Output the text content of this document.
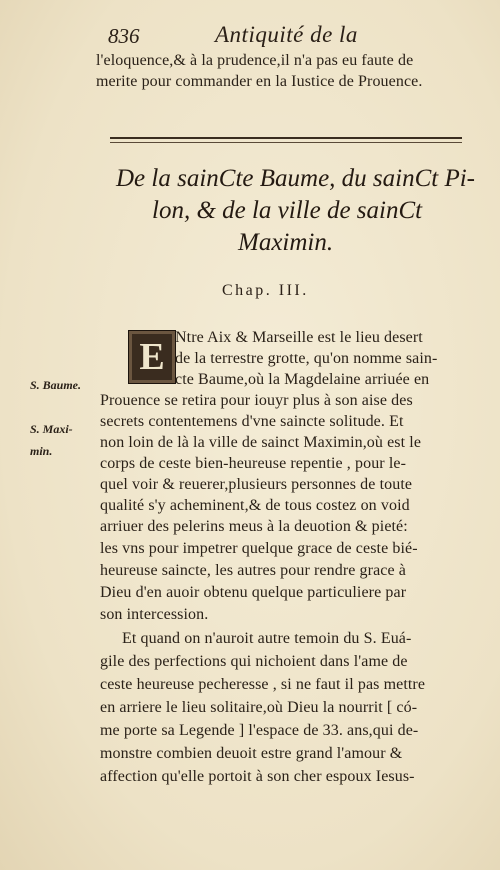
836	Antiquité de la
l'eloquence,& à la prudence,il n'a pas eu faute de
merite pour commander en la Iustice de Prouence.
De la sainCte Baume, du sainCt Pi-
lon, & de la ville de sainCt
Maximin.
Chap. III.
E
S. Baume.
S. Maxi-
min.
Ntre Aix & Marseille est le lieu desert
de la terrestre grotte, qu'on nomme sain-
cte Baume,où la Magdelaine arriuée en
Prouence se retira pour iouyr plus à son aise des
secrets contentemens d'vne saincte solitude. Et
non loin de là la ville de sainct Maximin,où est le
corps de ceste bien-heureuse repentie , pour le-
quel voir & reuerer,plusieurs personnes de toute
qualité s'y acheminent,& de tous costez on void
arriuer des pelerins meus à la deuotion & pieté:
les vns pour impetrer quelque grace de ceste bié-
heureuse saincte, les autres pour rendre grace à
Dieu d'en auoir obtenu quelque particuliere par
son intercession.
Et quand on n'auroit autre temoin du S. Euá-
gile des perfections qui nichoient dans l'ame de
ceste heureuse pecheresse , si ne faut il pas mettre
en arriere le lieu solitaire,où Dieu la nourrit [ có-
me porte sa Legende ] l'espace de 33. ans,qui de-
monstre combien deuoit estre grand l'amour &
affection qu'elle portoit à son cher espoux Iesus-
